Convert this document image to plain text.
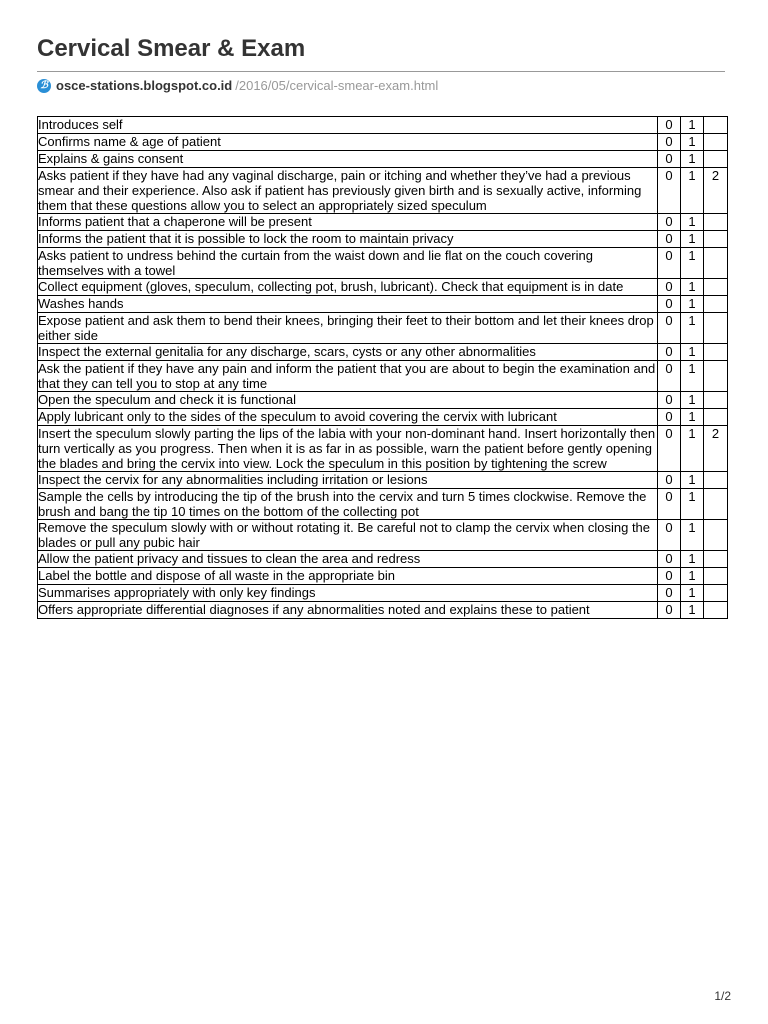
Cervical Smear & Exam
ℬ osce-stations.blogspot.co.id /2016/05/cervical-smear-exam.html
Introduces self	0	1	
Confirms name & age of patient	0	1	
Explains & gains consent	0	1	
Asks patient if they have had any vaginal discharge, pain or itching and whether they’ve had a previous smear and their experience. Also ask if patient has previously given birth and is sexually active, informing them that these questions allow you to select an appropriately sized speculum	0	1	2
Informs patient that a chaperone will be present	0	1	
Informs the patient that it is possible to lock the room to maintain privacy	0	1	
Asks patient to undress behind the curtain from the waist down and lie flat on the couch covering themselves with a towel	0	1	
Collect equipment (gloves, speculum, collecting pot, brush, lubricant). Check that equipment is in date	0	1	
Washes hands	0	1	
Expose patient and ask them to bend their knees, bringing their feet to their bottom and let their knees drop either side	0	1	
Inspect the external genitalia for any discharge, scars, cysts or any other abnormalities	0	1	
Ask the patient if they have any pain and inform the patient that you are about to begin the examination and that they can tell you to stop at any time	0	1	
Open the speculum and check it is functional	0	1	
Apply lubricant only to the sides of the speculum to avoid covering the cervix with lubricant	0	1	
Insert the speculum slowly parting the lips of the labia with your non-dominant hand. Insert horizontally then turn vertically as you progress. Then when it is as far in as possible, warn the patient before gently opening the blades and bring the cervix into view. Lock the speculum in this position by tightening the screw	0	1	2
Inspect the cervix for any abnormalities including irritation or lesions	0	1	
Sample the cells by introducing the tip of the brush into the cervix and turn 5 times clockwise. Remove the brush and bang the tip 10 times on the bottom of the collecting pot	0	1	
Remove the speculum slowly with or without rotating it. Be careful not to clamp the cervix when closing the blades or pull any pubic hair	0	1	
Allow the patient privacy and tissues to clean the area and redress	0	1	
Label the bottle and dispose of all waste in the appropriate bin	0	1	
Summarises appropriately with only key findings	0	1	
Offers appropriate differential diagnoses if any abnormalities noted and explains these to patient	0	1	
1/2
